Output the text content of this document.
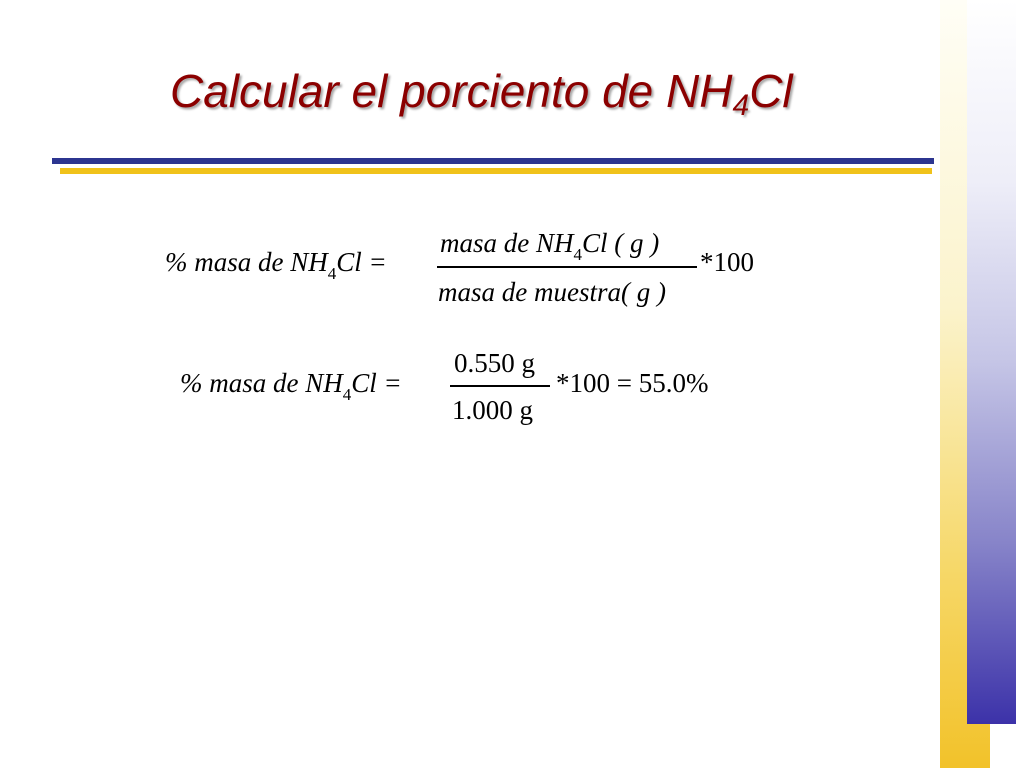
Calcular el porciento de $NH_4Cl$
% masa de $NH_4Cl$ =
masa de $NH_4Cl$ ( g )
masa de muestra( g )
*100
% masa de $NH_4Cl$ =
0.550 g
1.000 g
*100 = 55.0%
